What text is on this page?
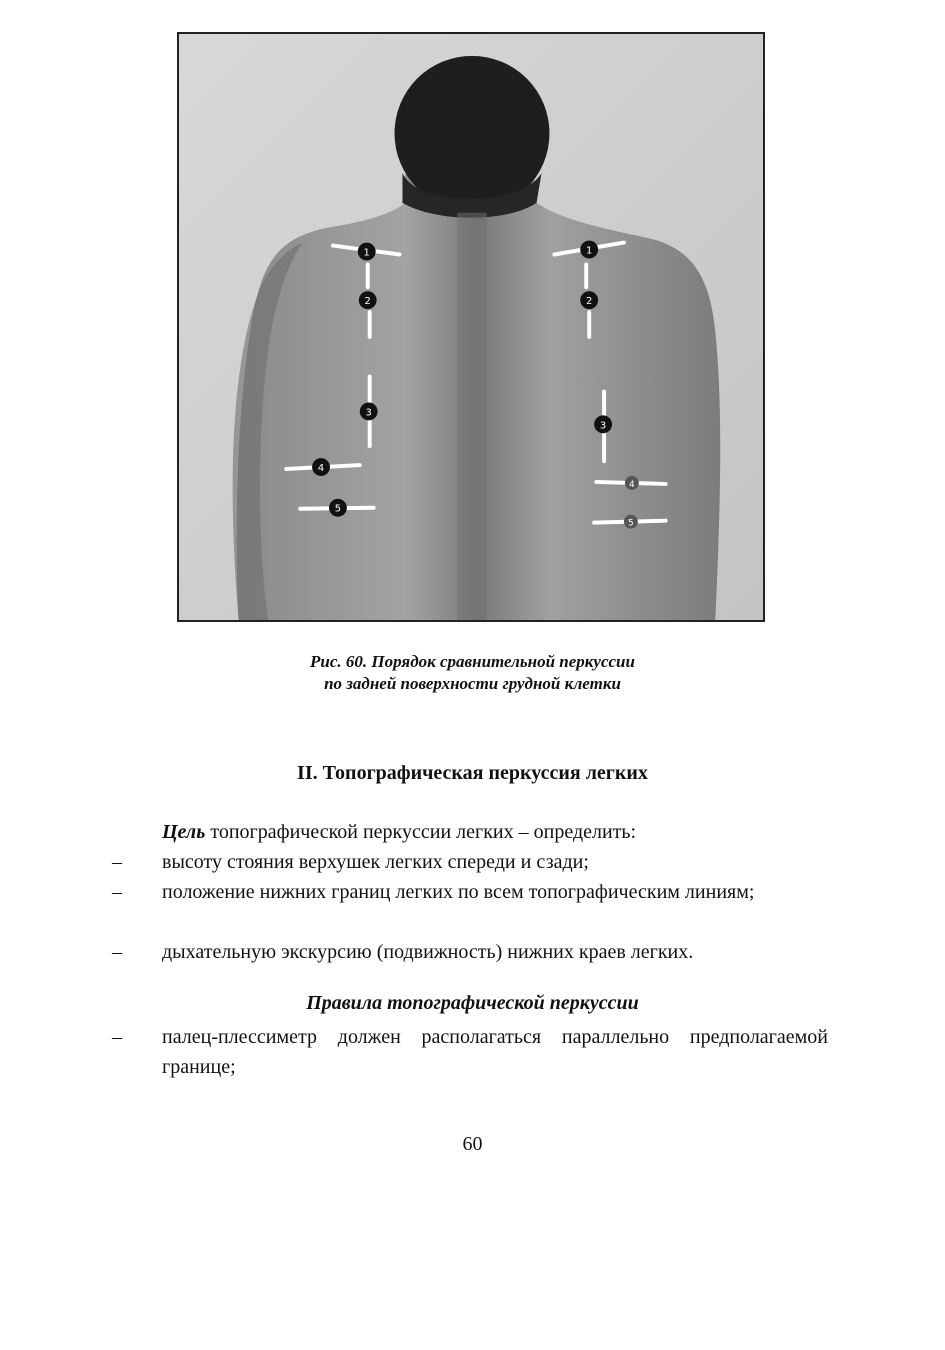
1	1
2	2
3
3
4
4
5
5
Рис. 60. Порядок сравнительной перкуссии
по задней поверхности грудной клетки
II. Топографическая перкуссия легких
Цель топографической перкуссии легких – определить:
–	высоту стояния верхушек легких спереди и сзади;
–	положение нижних границ легких по всем топографическим линиям;
–	дыхательную экскурсию (подвижность) нижних краев легких.
Правила топографической перкуссии
–	палец-плессиметр должен располагаться параллельно предполагаемой границе;
60
